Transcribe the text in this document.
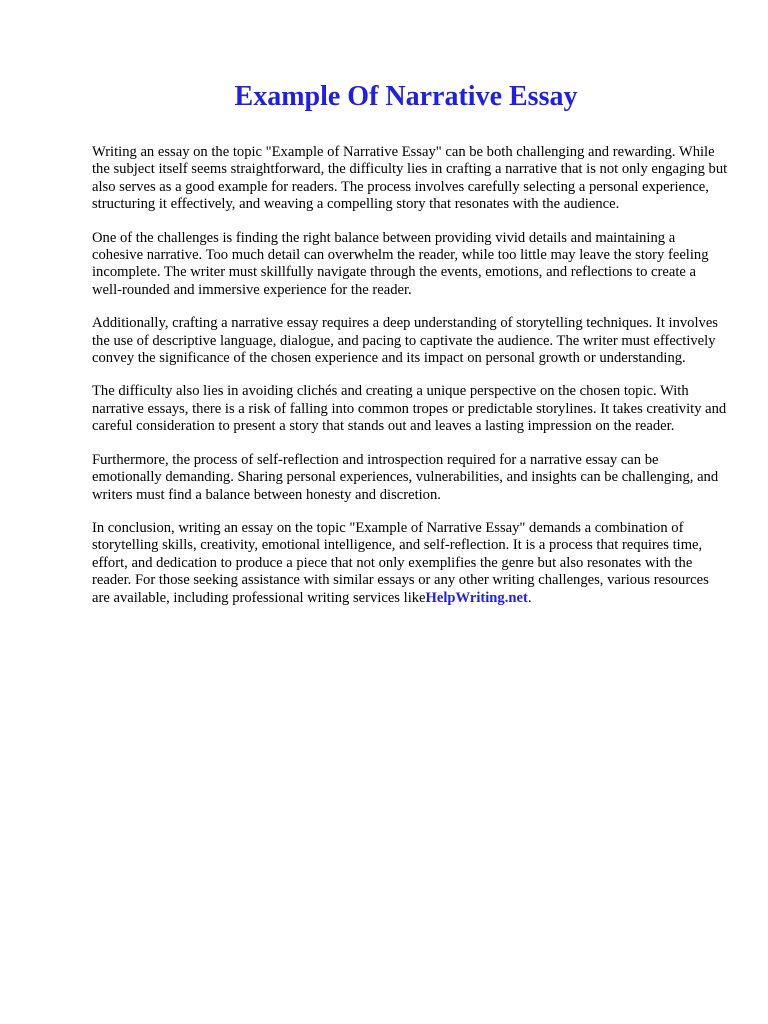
Example Of Narrative Essay

Writing an essay on the topic "Example of Narrative Essay" can be both challenging and rewarding. While the subject itself seems straightforward, the difficulty lies in crafting a narrative that is not only engaging but also serves as a good example for readers. The process involves carefully selecting a personal experience, structuring it effectively, and weaving a compelling story that resonates with the audience.

One of the challenges is finding the right balance between providing vivid details and maintaining a cohesive narrative. Too much detail can overwhelm the reader, while too little may leave the story feeling incomplete. The writer must skillfully navigate through the events, emotions, and reflections to create a well-rounded and immersive experience for the reader.

Additionally, crafting a narrative essay requires a deep understanding of storytelling techniques. It involves the use of descriptive language, dialogue, and pacing to captivate the audience. The writer must effectively convey the significance of the chosen experience and its impact on personal growth or understanding.

The difficulty also lies in avoiding clichés and creating a unique perspective on the chosen topic. With narrative essays, there is a risk of falling into common tropes or predictable storylines. It takes creativity and careful consideration to present a story that stands out and leaves a lasting impression on the reader.

Furthermore, the process of self-reflection and introspection required for a narrative essay can be emotionally demanding. Sharing personal experiences, vulnerabilities, and insights can be challenging, and writers must find a balance between honesty and discretion.

In conclusion, writing an essay on the topic "Example of Narrative Essay" demands a combination of storytelling skills, creativity, emotional intelligence, and self-reflection. It is a process that requires time, effort, and dedication to produce a piece that not only exemplifies the genre but also resonates with the reader. For those seeking assistance with similar essays or any other writing challenges, various resources are available, including professional writing services likeHelpWriting.net.
